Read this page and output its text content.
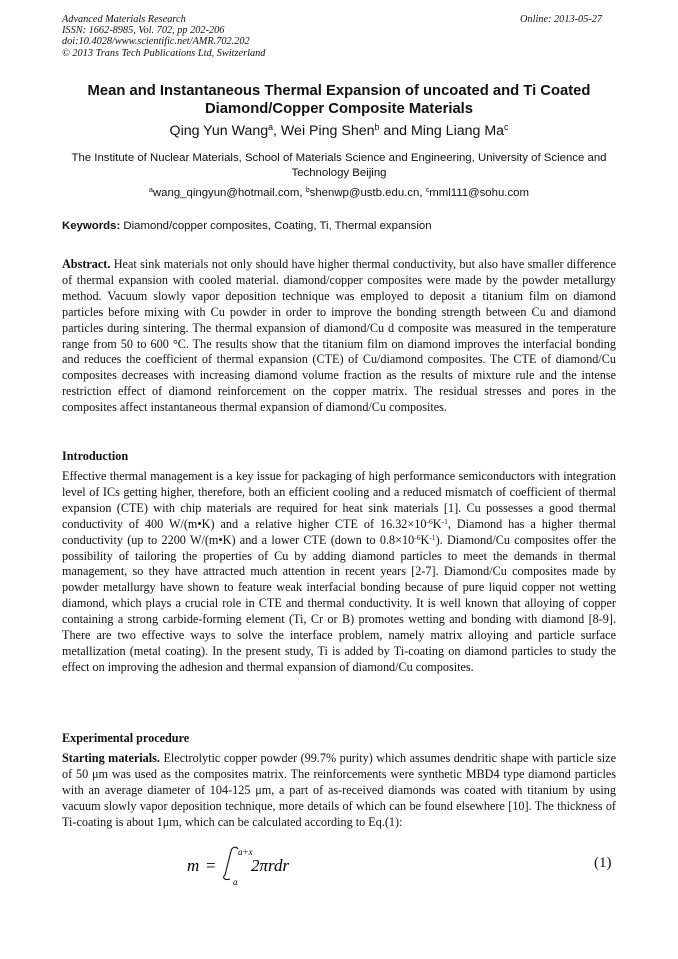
Advanced Materials Research
ISSN: 1662-8985, Vol. 702, pp 202-206
doi:10.4028/www.scientific.net/AMR.702.202
© 2013 Trans Tech Publications Ltd, Switzerland
Online: 2013-05-27
Mean and Instantaneous Thermal Expansion of uncoated and Ti Coated
Diamond/Copper Composite Materials
Qing Yun Wang$^a$, Wei Ping Shen$^b$ and Ming Liang Ma$^c$
The Institute of Nuclear Materials, School of Materials Science and Engineering, University of Science and Technology Beijing
$^a$wang_qingyun@hotmail.com, $^b$shenwp@ustb.edu.cn, $^c$mml111@sohu.com
Keywords: Diamond/copper composites, Coating, Ti, Thermal expansion
Abstract. Heat sink materials not only should have higher thermal conductivity, but also have smaller difference of thermal expansion with cooled material. diamond/copper composites were made by the powder metallurgy method. Vacuum slowly vapor deposition technique was employed to deposit a titanium film on diamond particles before mixing with Cu powder in order to improve the bonding strength between Cu and diamond particles during sintering. The thermal expansion of diamond/Cu d composite was measured in the temperature range from 50 to 600 °C. The results show that the titanium film on diamond improves the interfacial bonding and reduces the coefficient of thermal expansion (CTE) of Cu/diamond composites. The CTE of diamond/Cu composites decreases with increasing diamond volume fraction as the results of mixture rule and the intense restriction effect of diamond reinforcement on the copper matrix. The residual stresses and pores in the composites affect instantaneous thermal expansion of diamond/Cu composites.
Introduction
Effective thermal management is a key issue for packaging of high performance semiconductors with integration level of ICs getting higher, therefore, both an efficient cooling and a reduced mismatch of coefficient of thermal expansion (CTE) with chip materials are required for heat sink materials [1]. Cu possesses a good thermal conductivity of 400 W/(m•K) and a relative higher CTE of $16.32\times 10^{-6}K^{-1}$, Diamond has a higher thermal conductivity (up to 2200 W/(m•K) and a lower CTE (down to $0.8\times 10^{-6}K^{-1}$). Diamond/Cu composites offer the possibility of tailoring the properties of Cu by adding diamond particles to meet the demands in thermal management, so they have attracted much attention in recent years [2-7]. Diamond/Cu composites made by powder metallurgy have shown to feature weak interfacial bonding because of pure liquid copper not wetting diamond, which plays a crucial role in CTE and thermal conductivity. It is well known that alloying of copper containing a strong carbide-forming element (Ti, Cr or B) promotes wetting and bonding with diamond [8-9]. There are two effective ways to solve the interface problem, namely matrix alloying and particle surface metallization (metal coating). In the present study, Ti is added by Ti-coating on diamond particles to study the effect on improving the adhesion and thermal expansion of diamond/Cu composites.
Experimental procedure
Starting materials. Electrolytic copper powder (99.7% purity) which assumes dendritic shape with particle size of 50 μm was used as the composites matrix. The reinforcements were synthetic MBD4 type diamond particles with an average diameter of 104-125 μm, a part of as-received diamonds was coated with titanium by using vacuum slowly vapor deposition technique, more details of which can be found elsewhere [10]. The thickness of Ti-coating is about 1μm, which can be calculated according to Eq.(1):
m =
a+x
a
2πrdr	(1)
